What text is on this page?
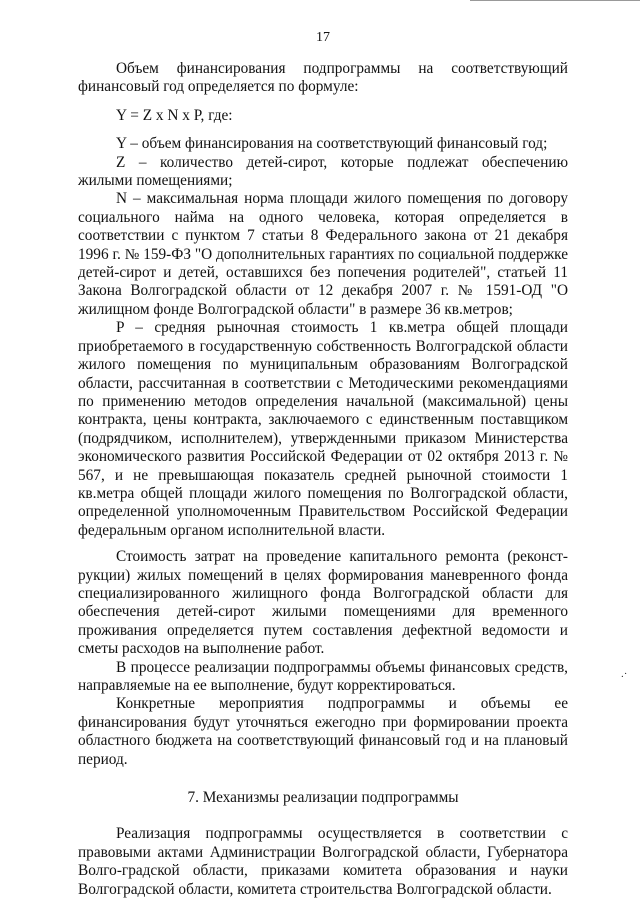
17

Объем финансирования подпрограммы на соответствующий финансовый год определяется по формуле:

Y = Z x N x P, где:

Y – объем финансирования на соответствующий финансовый год;

Z – количество детей-сирот, которые подлежат обеспечению жилыми помещениями;

N – максимальная норма площади жилого помещения по договору социального найма на одного человека, которая определяется в соответствии с пунктом 7 статьи 8 Федерального закона от 21 декабря 1996 г. № 159-ФЗ "О дополнительных гарантиях по социальной поддержке детей-сирот и детей, оставшихся без попечения родителей", статьей 11 Закона Волгоградской области от 12 декабря 2007 г. № 1591-ОД "О жилищном фонде Волгоградской области" в размере 36 кв.метров;

P – средняя рыночная стоимость 1 кв.метра общей площади приобретаемого в государственную собственность Волгоградской области жилого помещения по муниципальным образованиям Волгоградской области, рассчитанная в соответствии с Методическими рекомендациями по применению методов определения начальной (максимальной) цены контракта, цены контракта, заключаемого с единственным поставщиком (подрядчиком, исполнителем), утвержденными приказом Министерства экономического развития Российской Федерации от 02 октября 2013 г. № 567, и не превышающая показатель средней рыночной стоимости 1 кв.метра общей площади жилого помещения по Волгоградской области, определенной уполномоченным Правительством Российской Федерации федеральным органом исполнительной власти.

Стоимость затрат на проведение капитального ремонта (реконст-рукции) жилых помещений в целях формирования маневренного фонда специализированного жилищного фонда Волгоградской области для обеспечения детей-сирот жилыми помещениями для временного проживания определяется путем составления дефектной ведомости и сметы расходов на выполнение работ.

В процессе реализации подпрограммы объемы финансовых средств, направляемые на ее выполнение, будут корректироваться.

Конкретные мероприятия подпрограммы и объемы ее финансирования будут уточняться ежегодно при формировании проекта областного бюджета на соответствующий финансовый год и на плановый период.

7. Механизмы реализации подпрограммы

Реализация подпрограммы осуществляется в соответствии с правовыми актами Администрации Волгоградской области, Губернатора Волго-градской области, приказами комитета образования и науки Волгоградской области, комитета строительства Волгоградской области.

.·
